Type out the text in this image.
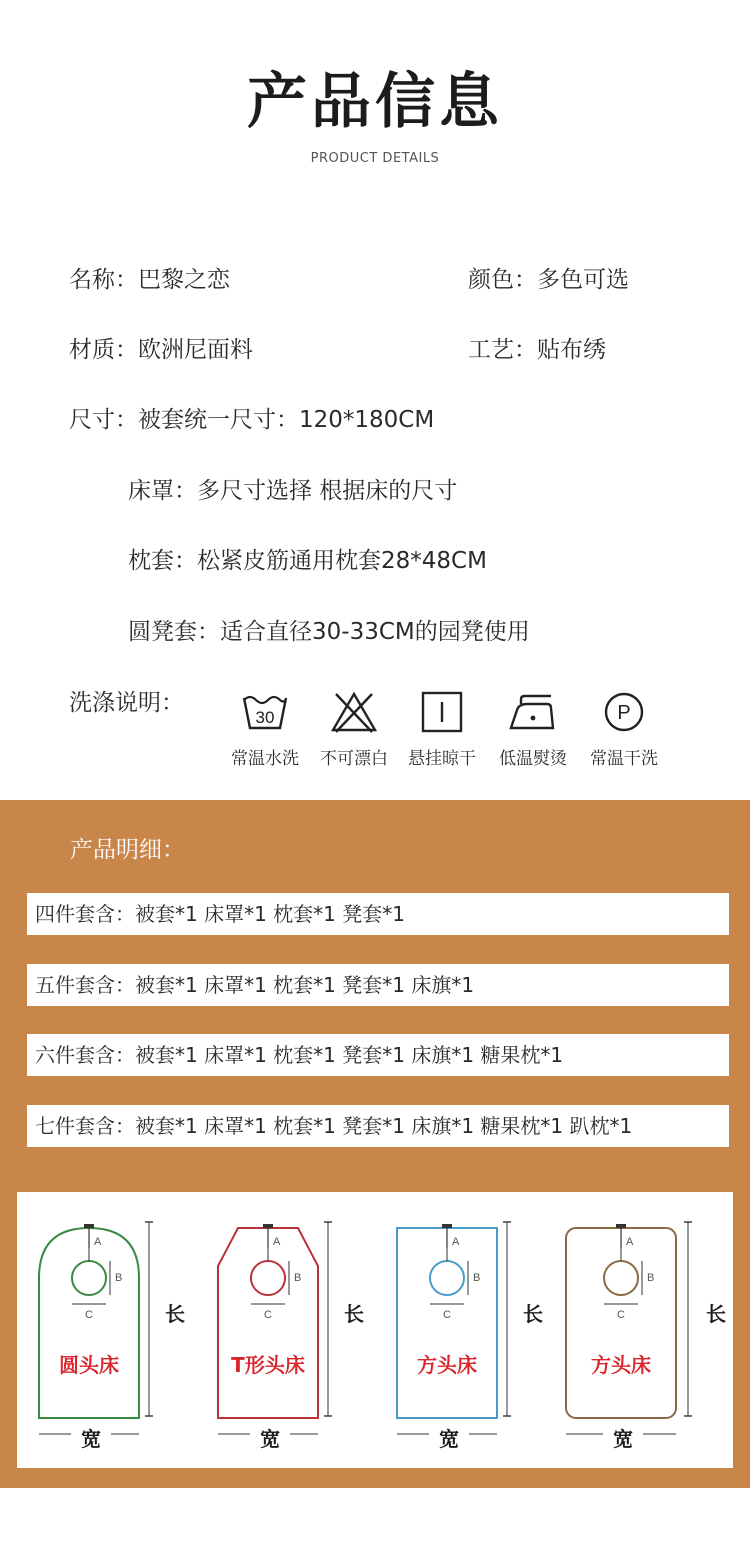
产品信息
PRODUCT DETAILS
名称：巴黎之恋	颜色：多色可选
材质：欧洲尼面料	工艺：贴布绣
尺寸：被套统一尺寸：120*180CM
床罩：多尺寸选择 根据床的尺寸
枕套：松紧皮筋通用枕套28*48CM
圆凳套：适合直径30-33CM的园凳使用
洗涤说明：
30
常温水洗	不可漂白	悬挂晾干	低温熨烫
P
常温干洗
产品明细：
四件套含：被套*1 床罩*1 枕套*1 凳套*1
五件套含：被套*1 床罩*1 枕套*1 凳套*1 床旗*1
六件套含：被套*1 床罩*1 枕套*1 凳套*1 床旗*1 糖果枕*1
七件套含：被套*1 床罩*1 枕套*1 凳套*1 床旗*1 糖果枕*1 趴枕*1
A
B
C
圆头床
长
宽
A
B
C
T形头床
长
宽
A
B
C
方头床
长
宽
A
B
C
方头床
长
宽
